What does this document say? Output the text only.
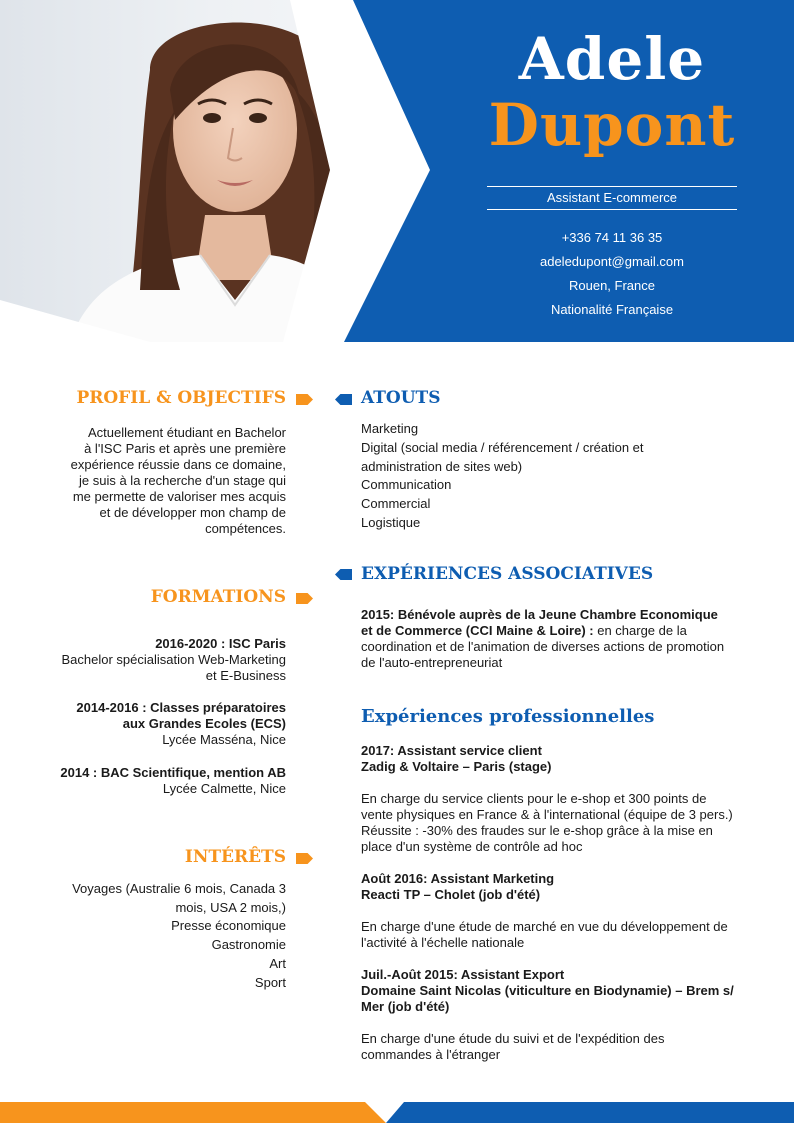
Adele
Dupont
Assistant E-commerce
+336 74 11 36 35
adeledupont@gmail.com
Rouen, France
Nationalité Française
PROFIL & OBJECTIFS
Actuellement étudiant en Bachelor
à l'ISC Paris et après une première
expérience réussie dans ce domaine,
je suis à la recherche d'un stage qui
me permette de valoriser mes acquis
et de développer mon champ de
compétences.
FORMATIONS
2016-2020 : ISC Paris
Bachelor spécialisation Web-Marketing
et E-Business
2014-2016 : Classes préparatoires
aux Grandes Ecoles (ECS)
Lycée Masséna, Nice
2014 : BAC Scientifique, mention AB
Lycée Calmette, Nice
INTÉRÊTS
Voyages (Australie 6 mois, Canada 3
mois, USA 2 mois,)
Presse économique
Gastronomie
Art
Sport
ATOUTS
Marketing
Digital (social media / référencement / création et
administration de sites web)
Communication
Commercial
Logistique
EXPÉRIENCES ASSOCIATIVES
2015: Bénévole auprès de la Jeune Chambre Economique
et de Commerce (CCI Maine & Loire) : en charge de la
coordination et de l'animation de diverses actions de promotion
de l'auto-entrepreneuriat
Expériences professionnelles
2017: Assistant service client
Zadig & Voltaire – Paris (stage)
En charge du service clients pour le e-shop et 300 points de
vente physiques en France & à l'international (équipe de 3 pers.)
Réussite : -30% des fraudes sur le e-shop grâce à la mise en
place d'un système de contrôle ad hoc
Août 2016: Assistant Marketing
Reacti TP – Cholet (job d'été)
En charge d'une étude de marché en vue du développement de
l'activité à l'échelle nationale
Juil.-Août 2015: Assistant Export
Domaine Saint Nicolas (viticulture en Biodynamie) – Brem s/
Mer (job d'été)
En charge d'une étude du suivi et de l'expédition des
commandes à l'étranger
